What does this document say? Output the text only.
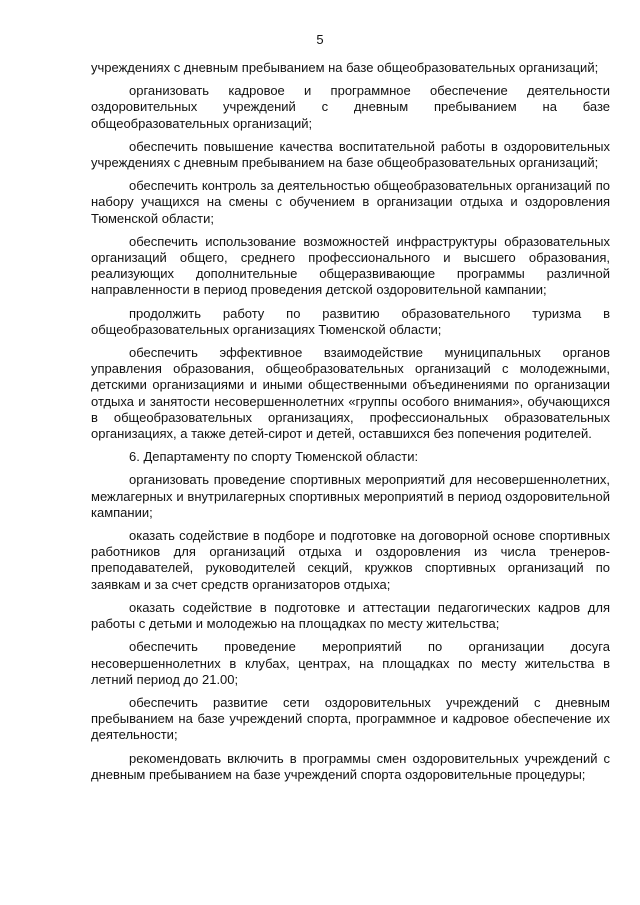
5

учреждениях с дневным пребыванием на базе общеобразовательных организаций;

организовать кадровое и программное обеспечение деятельности оздоровительных учреждений с дневным пребыванием на базе общеобразовательных организаций;

обеспечить повышение качества воспитательной работы в оздоровительных учреждениях с дневным пребыванием на базе общеобразовательных организаций;

обеспечить контроль за деятельностью общеобразовательных организаций по набору учащихся на смены с обучением в организации отдыха и оздоровления Тюменской области;

обеспечить использование возможностей инфраструктуры образовательных организаций общего, среднего профессионального и высшего образования, реализующих дополнительные общеразвивающие программы различной направленности в период проведения детской оздоровительной кампании;

продолжить работу по развитию образовательного туризма в общеобразовательных организациях Тюменской области;

обеспечить эффективное взаимодействие муниципальных органов управления образования, общеобразовательных организаций с молодежными, детскими организациями и иными общественными объединениями по организации отдыха и занятости несовершеннолетних «группы особого внимания», обучающихся в общеобразовательных организациях, профессиональных образовательных организациях, а также детей-сирот и детей, оставшихся без попечения родителей.

6. Департаменту по спорту Тюменской области:

организовать проведение спортивных мероприятий для несовершеннолетних, межлагерных и внутрилагерных спортивных мероприятий в период оздоровительной кампании;

оказать содействие в подборе и подготовке на договорной основе спортивных работников для организаций отдыха и оздоровления из числа тренеров-преподавателей, руководителей секций, кружков спортивных организаций по заявкам и за счет средств организаторов отдыха;

оказать содействие в подготовке и аттестации педагогических кадров для работы с детьми и молодежью на площадках по месту жительства;

обеспечить проведение мероприятий по организации досуга несовершеннолетних в клубах, центрах, на площадках по месту жительства в летний период до 21.00;

обеспечить развитие сети оздоровительных учреждений с дневным пребыванием на базе учреждений спорта, программное и кадровое обеспечение их деятельности;

рекомендовать включить в программы смен оздоровительных учреждений с дневным пребыванием на базе учреждений спорта оздоровительные процедуры;
